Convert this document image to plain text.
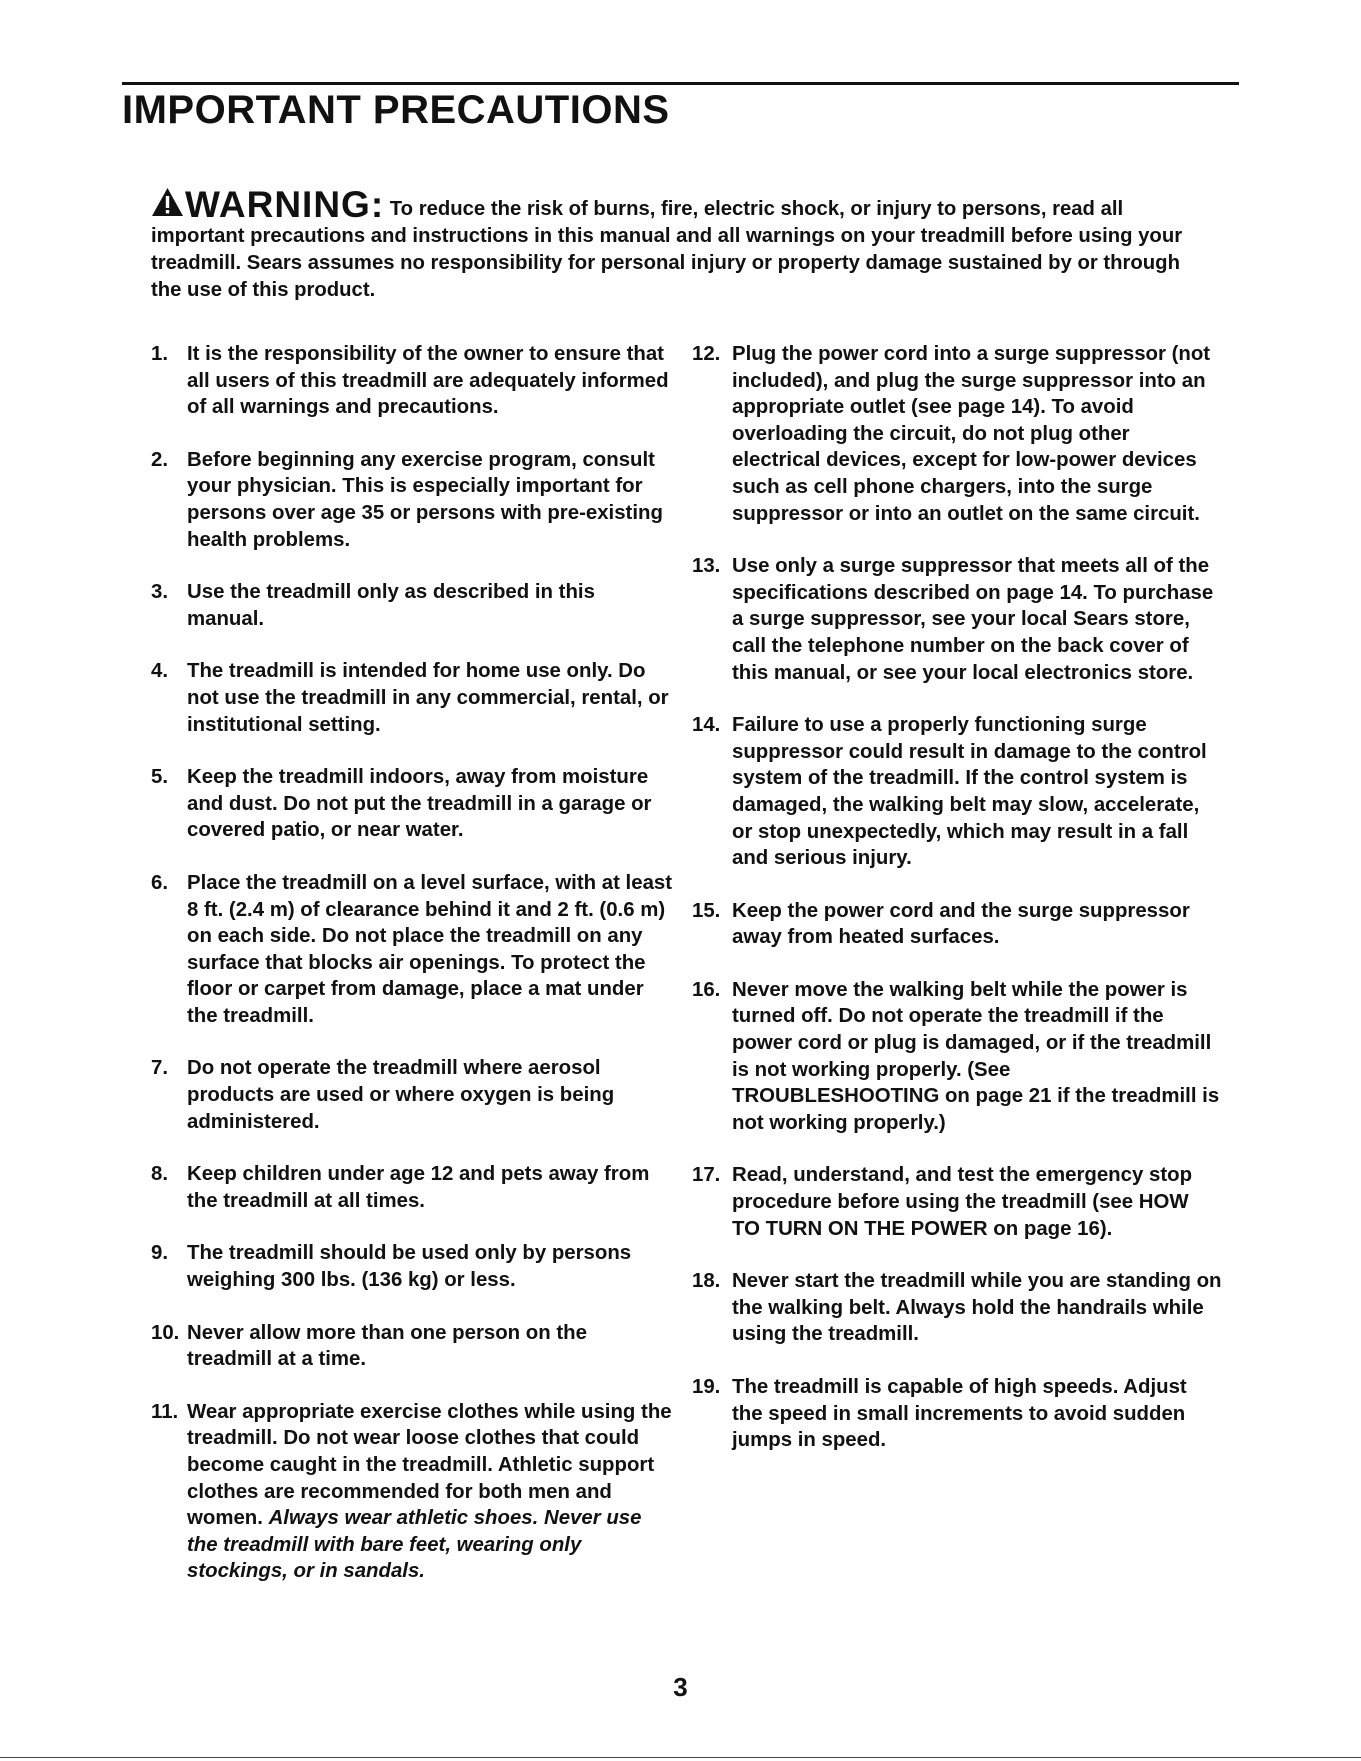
IMPORTANT PRECAUTIONS
WARNING: To reduce the risk of burns, fire, electric shock, or injury to persons, read all important precautions and instructions in this manual and all warnings on your treadmill before using your treadmill. Sears assumes no responsibility for personal injury or property damage sustained by or through the use of this product.
1. It is the responsibility of the owner to ensure that all users of this treadmill are adequately informed of all warnings and precautions.
2. Before beginning any exercise program, consult your physician. This is especially important for persons over age 35 or persons with pre-existing health problems.
3. Use the treadmill only as described in this manual.
4. The treadmill is intended for home use only. Do not use the treadmill in any commercial, rental, or institutional setting.
5. Keep the treadmill indoors, away from moisture and dust. Do not put the treadmill in a garage or covered patio, or near water.
6. Place the treadmill on a level surface, with at least 8 ft. (2.4 m) of clearance behind it and 2 ft. (0.6 m) on each side. Do not place the treadmill on any surface that blocks air openings. To protect the floor or carpet from damage, place a mat under the treadmill.
7. Do not operate the treadmill where aerosol products are used or where oxygen is being administered.
8. Keep children under age 12 and pets away from the treadmill at all times.
9. The treadmill should be used only by persons weighing 300 lbs. (136 kg) or less.
10. Never allow more than one person on the treadmill at a time.
11. Wear appropriate exercise clothes while using the treadmill. Do not wear loose clothes that could become caught in the treadmill. Athletic support clothes are recommended for both men and women. Always wear athletic shoes. Never use the treadmill with bare feet, wearing only stockings, or in sandals.
12. Plug the power cord into a surge suppressor (not included), and plug the surge suppressor into an appropriate outlet (see page 14). To avoid overloading the circuit, do not plug other electrical devices, except for low-power devices such as cell phone chargers, into the surge suppressor or into an outlet on the same circuit.
13. Use only a surge suppressor that meets all of the specifications described on page 14. To purchase a surge suppressor, see your local Sears store, call the telephone number on the back cover of this manual, or see your local electronics store.
14. Failure to use a properly functioning surge suppressor could result in damage to the control system of the treadmill. If the control system is damaged, the walking belt may slow, accelerate, or stop unexpectedly, which may result in a fall and serious injury.
15. Keep the power cord and the surge suppressor away from heated surfaces.
16. Never move the walking belt while the power is turned off. Do not operate the treadmill if the power cord or plug is damaged, or if the treadmill is not working properly. (See TROUBLESHOOTING on page 21 if the treadmill is not working properly.)
17. Read, understand, and test the emergency stop procedure before using the treadmill (see HOW TO TURN ON THE POWER on page 16).
18. Never start the treadmill while you are standing on the walking belt. Always hold the handrails while using the treadmill.
19. The treadmill is capable of high speeds. Adjust the speed in small increments to avoid sudden jumps in speed.
3
